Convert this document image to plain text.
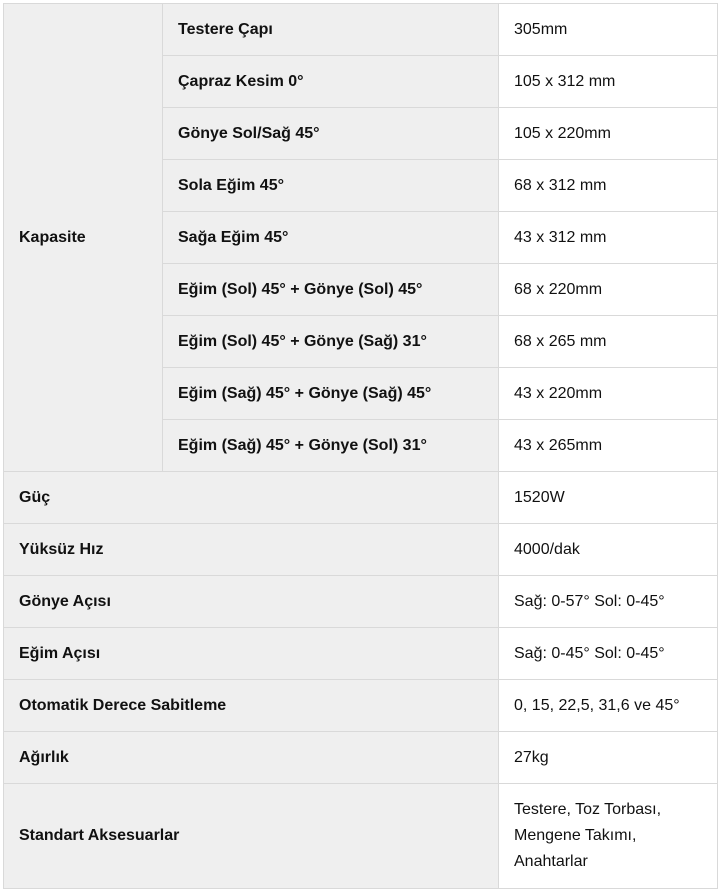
Kapasite	Testere Çapı	305mm
	Çapraz Kesim 0°	105 x 312 mm
	Gönye Sol/Sağ 45°	105 x 220mm
	Sola Eğim 45°	68 x 312 mm
	Sağa Eğim 45°	43 x 312 mm
	Eğim (Sol) 45° + Gönye (Sol) 45°	68 x 220mm
	Eğim (Sol) 45° + Gönye (Sağ) 31°	68 x 265 mm
	Eğim (Sağ) 45° + Gönye (Sağ) 45°	43 x 220mm
	Eğim (Sağ) 45° + Gönye (Sol) 31°	43 x 265mm
Güç		1520W
Yüksüz Hız		4000/dak
Gönye Açısı		Sağ: 0-57° Sol: 0-45°
Eğim Açısı		Sağ: 0-45° Sol: 0-45°
Otomatik Derece Sabitleme		0, 15, 22,5, 31,6 ve 45°
Ağırlık		27kg
Standart Aksesuarlar		Testere, Toz Torbası, Mengene Takımı, Anahtarlar
